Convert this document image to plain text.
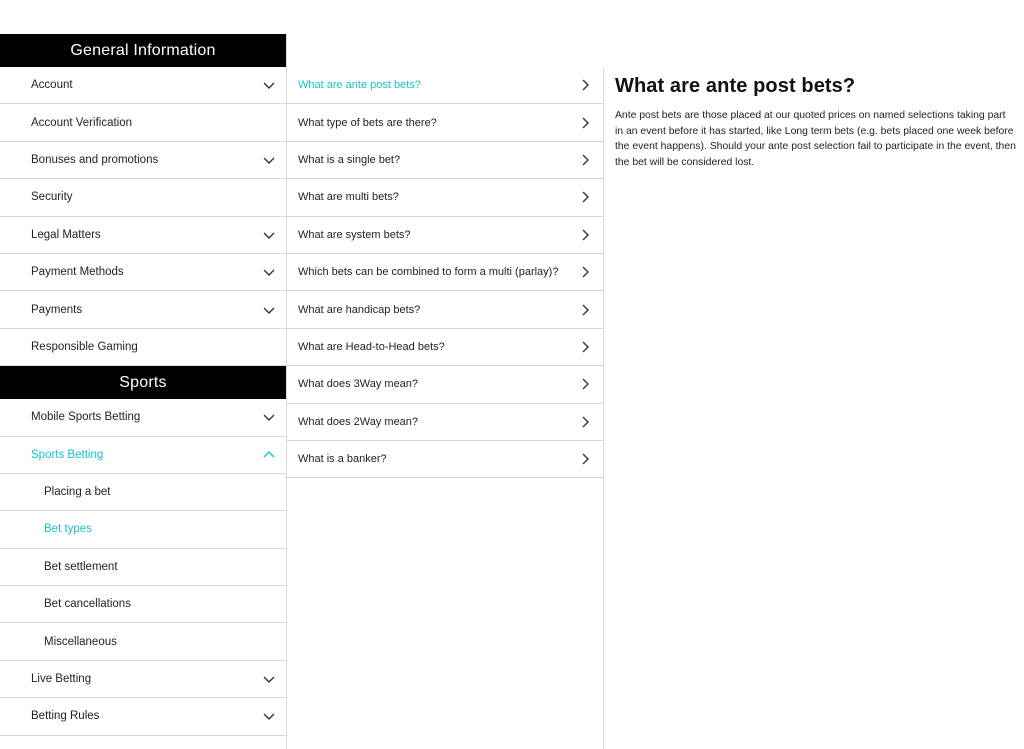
General Information
Account
Account Verification
Bonuses and promotions
Security
Legal Matters
Payment Methods
Payments
Responsible Gaming
Sports
Mobile Sports Betting
Sports Betting
Placing a bet
Bet types
Bet settlement
Bet cancellations
Miscellaneous
Live Betting
Betting Rules
What are ante post bets?
What type of bets are there?
What is a single bet?
What are multi bets?
What are system bets?
Which bets can be combined to form a multi (parlay)?
What are handicap bets?
What are Head-to-Head bets?
What does 3Way mean?
What does 2Way mean?
What is a banker?
What are ante post bets?

Ante post bets are those placed at our quoted prices on named selections taking part in an event before it has started, like Long term bets (e.g. bets placed one week before the event happens). Should your ante post selection fail to participate in the event, then the bet will be considered lost.
